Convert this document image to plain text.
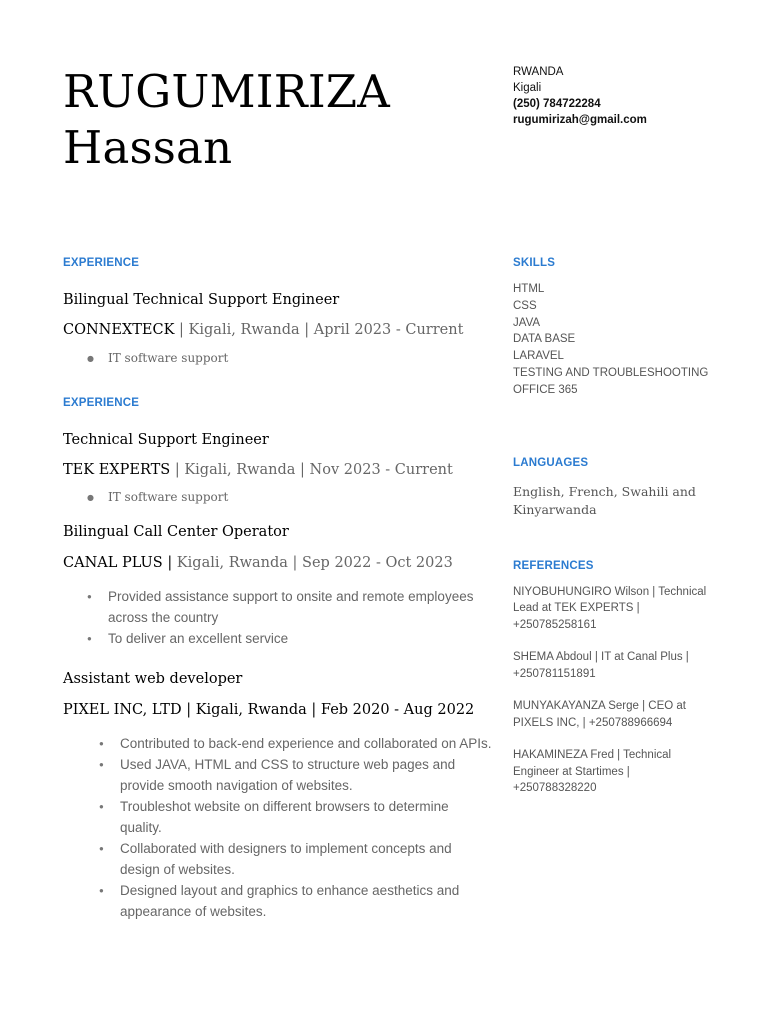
RUGUMIRIZA
Hassan
RWANDA
Kigali
(250) 784722284
rugumirizah@gmail.com
EXPERIENCE
Bilingual Technical Support Engineer
CONNEXTECK | Kigali, Rwanda | April 2023 - Current
● IT software support
EXPERIENCE
Technical Support Engineer
TEK EXPERTS | Kigali, Rwanda | Nov 2023 - Current
● IT software support
Bilingual Call Center Operator
CANAL PLUS | Kigali, Rwanda | Sep 2022 - Oct 2023
● Provided assistance support to onsite and remote employees across the country
● To deliver an excellent service
Assistant web developer
PIXEL INC, LTD | Kigali, Rwanda | Feb 2020 - Aug 2022
● Contributed to back-end experience and collaborated on APIs.
● Used JAVA, HTML and CSS to structure web pages and provide smooth navigation of websites.
● Troubleshot website on different browsers to determine quality.
● Collaborated with designers to implement concepts and design of websites.
● Designed layout and graphics to enhance aesthetics and appearance of websites.
SKILLS
HTML
CSS
JAVA
DATA BASE
LARAVEL
TESTING AND TROUBLESHOOTING
OFFICE 365
LANGUAGES
English, French, Swahili and Kinyarwanda
REFERENCES
NIYOBUHUNGIRO Wilson | Technical Lead at TEK EXPERTS | +250785258161
SHEMA Abdoul | IT at Canal Plus | +250781151891
MUNYAKAYANZA Serge | CEO at PIXELS INC, | +250788966694
HAKAMINEZA Fred | Technical Engineer at Startimes | +250788328220
